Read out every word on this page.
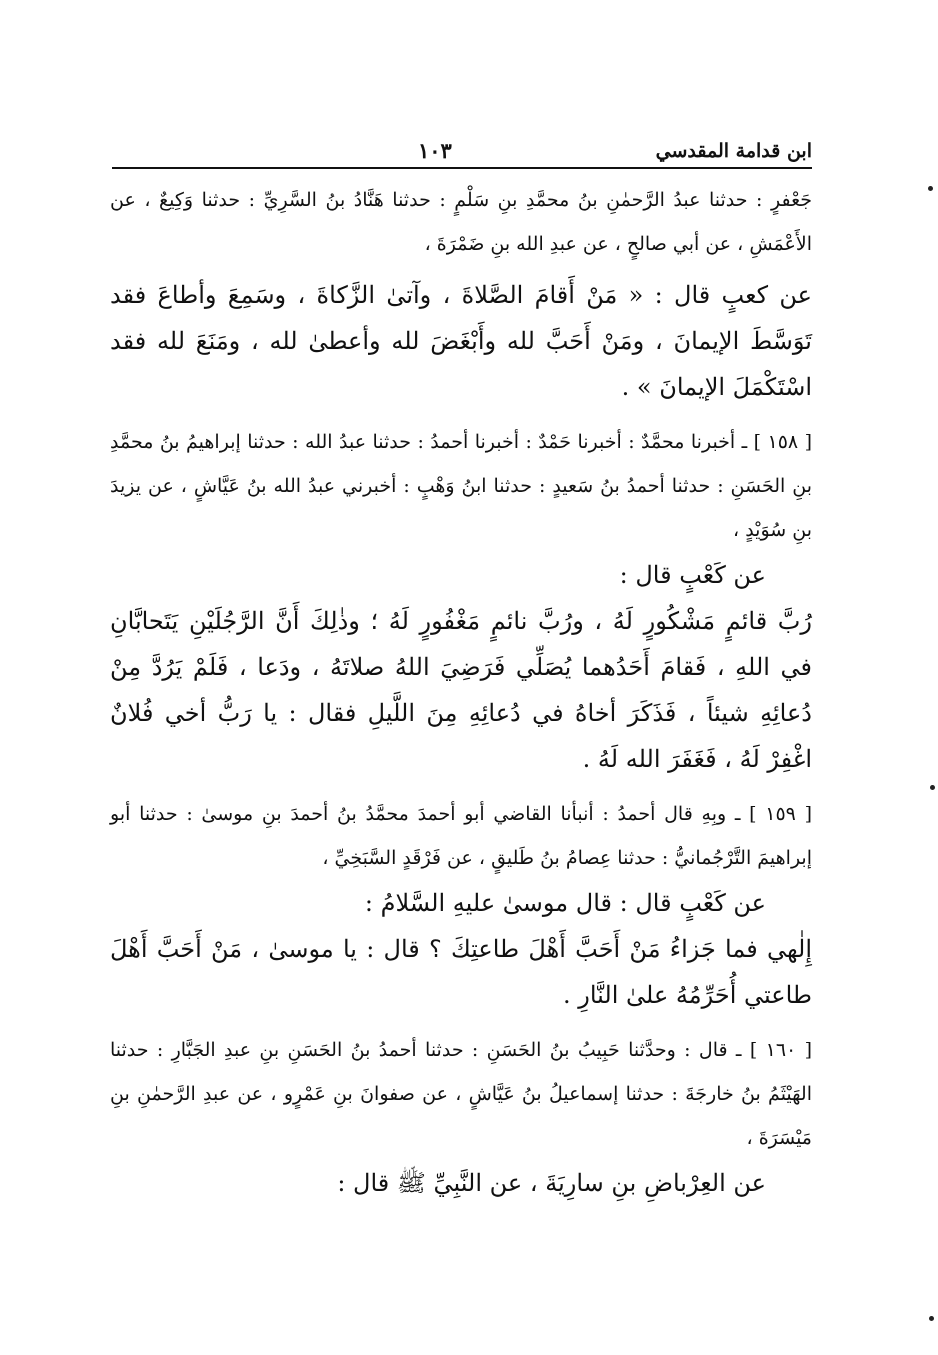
ابن قدامة المقدسي
١٠٣

جَعْفرٍ : حدثنا عبدُ الرَّحمٰنِ بنُ محمَّدِ بنِ سَلْمٍ : حدثنا هَنَّادُ بنُ السَّرِيِّ : حدثنا وَكِيعٌ ، عن الأَعْمَشِ ، عن أبي صالحٍ ، عن عبدِ الله بنِ ضَمْرَةَ ،

عن كعبٍ قال : « مَنْ أَقامَ الصَّلاةَ ، وآتىٰ الزَّكاةَ ، وسَمِعَ وأطاعَ فقد تَوَسَّطَ الإيمانَ ، ومَنْ أَحَبَّ لله وأَبْغَضَ لله وأعطىٰ لله ، ومَنَعَ لله فقد اسْتَكْمَلَ الإيمانَ » .

[ ١٥٨ ] ـ أخبرنا محمَّدٌ : أخبرنا حَمْدٌ : أخبرنا أحمدُ : حدثنا عبدُ الله : حدثنا إبراهيمُ بنُ محمَّدِ بنِ الحَسَنِ : حدثنا أحمدُ بنُ سَعيدٍ : حدثنا ابنُ وَهْبٍ : أخبرني عبدُ الله بنُ عَيَّاشٍ ، عن يزيدَ بنِ سُوَيْدٍ ،

عن كَعْبٍ قال :

رُبَّ قائمٍ مَشْكُورٍ لَهُ ، ورُبَّ نائمٍ مَغْفُورٍ لَهُ ؛ وذٰلِكَ أَنَّ الرَّجُلَيْنِ يَتَحابَّانِ في اللهِ ، فَقامَ أَحَدُهما يُصَلِّي فَرَضِيَ اللهُ صلاتَهُ ، ودَعا ، فَلَمْ يَرُدَّ مِنْ دُعائِهِ شيئاً ، فَذَكَرَ أخاهُ في دُعائِهِ مِنَ اللَّيلِ فقال : يا رَبُّ أخي فُلانٌ اغْفِرْ لَهُ ، فَغَفَرَ الله لَهُ .

[ ١٥٩ ] ـ وبِهِ قال أحمدُ : أنبأنا القاضي أبو أحمدَ محمَّدُ بنُ أحمدَ بنِ موسىٰ : حدثنا أبو إبراهيمَ التَّرْجُمانيُّ : حدثنا عِصامُ بنُ طَليقٍ ، عن فَرْقَدٍ السَّبَخِيِّ ،

عن كَعْبٍ قال : قال موسىٰ عليهِ السَّلامُ :

إِلٰهي فما جَزاءُ مَنْ أَحَبَّ أَهْلَ طاعتِكَ ؟ قال : يا موسىٰ ، مَنْ أَحَبَّ أَهْلَ طاعتي أُحَرِّمُهُ علىٰ النَّارِ .

[ ١٦٠ ] ـ قال : وحدَّثنا حَبِيبُ بنُ الحَسَنِ : حدثنا أحمدُ بنُ الحَسَنِ بنِ عبدِ الجَبَّارِ : حدثنا الهَيْثَمُ بنُ خارجَةَ : حدثنا إسماعيلُ بنُ عَيَّاشٍ ، عن صفوانَ بنِ عَمْرٍو ، عن عبدِ الرَّحمٰنِ بنِ مَيْسَرَةَ ،

عن العِرْباضِ بنِ سارِيَةَ ، عن النَّبِيِّ ﷺ قال :
